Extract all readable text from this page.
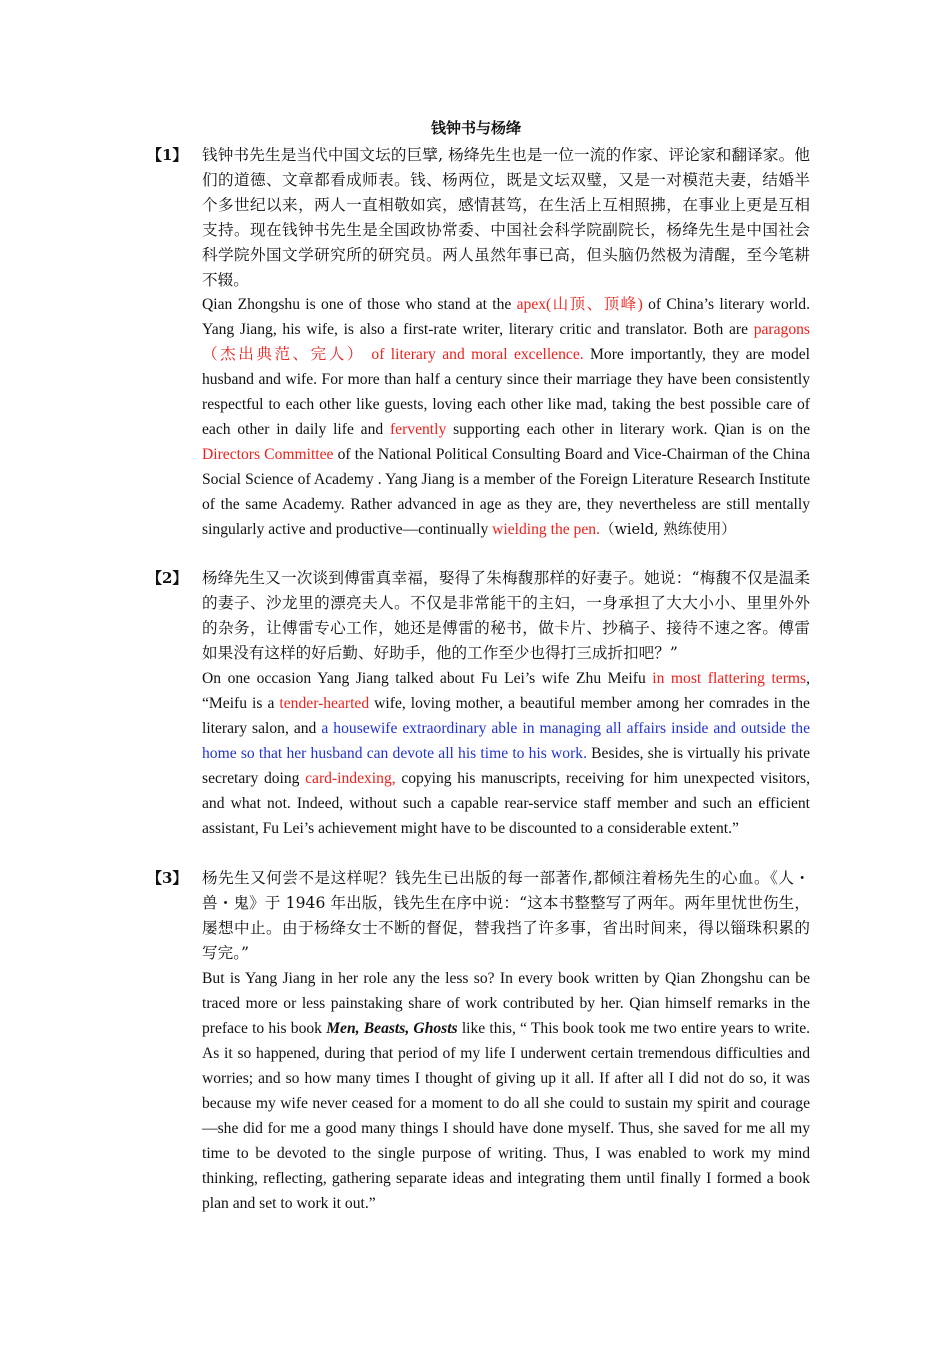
钱钟书与杨绛
【1】 钱钟书先生是当代中国文坛的巨擘, 杨绛先生也是一位一流的作家、评论家和翻译家。他们的道德、文章都看成师表。钱、杨两位，既是文坛双璧，又是一对模范夫妻，结婚半个多世纪以来，两人一直相敬如宾，感情甚笃，在生活上互相照拂，在事业上更是互相支持。现在钱钟书先生是全国政协常委、中国社会科学院副院长，杨绛先生是中国社会科学院外国文学研究所的研究员。两人虽然年事已高，但头脑仍然极为清醒，至今笔耕不辍。

Qian Zhongshu is one of those who stand at the apex(山顶、顶峰) of China’s literary world. Yang Jiang, his wife, is also a first-rate writer, literary critic and translator. Both are paragons（杰出典范、完人） of literary and moral excellence. More importantly, they are model husband and wife. For more than half a century since their marriage they have been consistently respectful to each other like guests, loving each other like mad, taking the best possible care of each other in daily life and fervently supporting each other in literary work. Qian is on the Directors Committee of the National Political Consulting Board and Vice-Chairman of the China Social Science of Academy . Yang Jiang is a member of the Foreign Literature Research Institute of the same Academy. Rather advanced in age as they are, they nevertheless are still mentally singularly active and productive—continually wielding the pen.（wield, 熟练使用）

【2】 杨绛先生又一次谈到傅雷真幸福，娶得了朱梅馥那样的好妻子。她说：“梅馥不仅是温柔的妻子、沙龙里的漂亮夫人。不仅是非常能干的主妇，一身承担了大大小小、里里外外的杂务，让傅雷专心工作，她还是傅雷的秘书，做卡片、抄稿子、接待不速之客。傅雷如果没有这样的好后勤、好助手，他的工作至少也得打三成折扣吧？”

On one occasion Yang Jiang talked about Fu Lei’s wife Zhu Meifu in most flattering terms, “Meifu is a tender-hearted wife, loving mother, a beautiful member among her comrades in the literary salon, and a housewife extraordinary able in managing all affairs inside and outside the home so that her husband can devote all his time to his work. Besides, she is virtually his private secretary doing card-indexing, copying his manuscripts, receiving for him unexpected visitors, and what not. Indeed, without such a capable rear-service staff member and such an efficient assistant, Fu Lei’s achievement might have to be discounted to a considerable extent.”

【3】 杨先生又何尝不是这样呢？钱先生已出版的每一部著作,都倾注着杨先生的心血。《人・兽・鬼》于 1946 年出版，钱先生在序中说：“这本书整整写了两年。两年里忧世伤生，屡想中止。由于杨绛女士不断的督促，替我挡了许多事，省出时间来，得以锱珠积累的写完。”

But is Yang Jiang in her role any the less so? In every book written by Qian Zhongshu can be traced more or less painstaking share of work contributed by her. Qian himself remarks in the preface to his book Men, Beasts, Ghosts like this, “ This book took me two entire years to write. As it so happened, during that period of my life I underwent certain tremendous difficulties and worries; and so how many times I thought of giving up it all. If after all I did not do so, it was because my wife never ceased for a moment to do all she could to sustain my spirit and courage—she did for me a good many things I should have done myself. Thus, she saved for me all my time to be devoted to the single purpose of writing. Thus, I was enabled to work my mind thinking, reflecting, gathering separate ideas and integrating them until finally I formed a book plan and set to work it out.”
